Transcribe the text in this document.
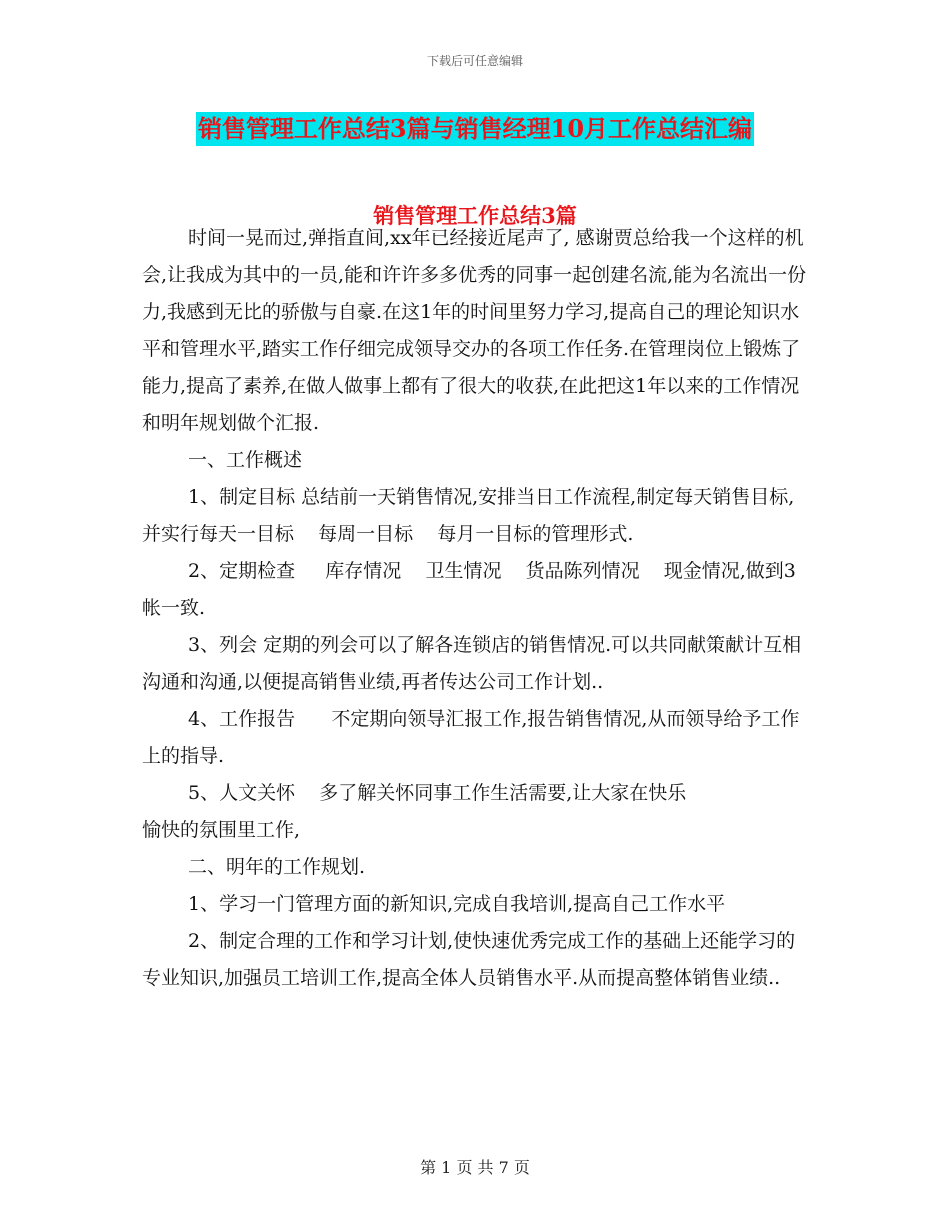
下载后可任意编辑
销售管理工作总结3篇与销售经理10月工作总结汇编
销售管理工作总结3篇

时间一晃而过,弹指直间,xx年已经接近尾声了, 感谢贾总给我一个这样的机会,让我成为其中的一员,能和许许多多优秀的同事一起创建名流,能为名流出一份力,我感到无比的骄傲与自豪.在这1年的时间里努力学习,提高自己的理论知识水平和管理水平,踏实工作仔细完成领导交办的各项工作任务.在管理岗位上锻炼了能力,提高了素养,在做人做事上都有了很大的收获,在此把这1年以来的工作情况和明年规划做个汇报.

一、工作概述

1、制定目标 总结前一天销售情况,安排当日工作流程,制定每天销售目标,并实行每天一目标    每周一目标    每月一目标的管理形式.

2、定期检查     库存情况    卫生情况    货品陈列情况    现金情况,做到3帐一致.

3、列会 定期的列会可以了解各连锁店的销售情况.可以共同献策献计互相沟通和沟通,以便提高销售业绩,再者传达公司工作计划..

4、工作报告      不定期向领导汇报工作,报告销售情况,从而领导给予工作上的指导.

5、人文关怀    多了解关怀同事工作生活需要,让大家在快乐
愉快的氛围里工作,

二、明年的工作规划.

1、学习一门管理方面的新知识,完成自我培训,提高自己工作水平

2、制定合理的工作和学习计划,使快速优秀完成工作的基础上还能学习的专业知识,加强员工培训工作,提高全体人员销售水平.从而提高整体销售业绩..

第 1 页 共 7 页
